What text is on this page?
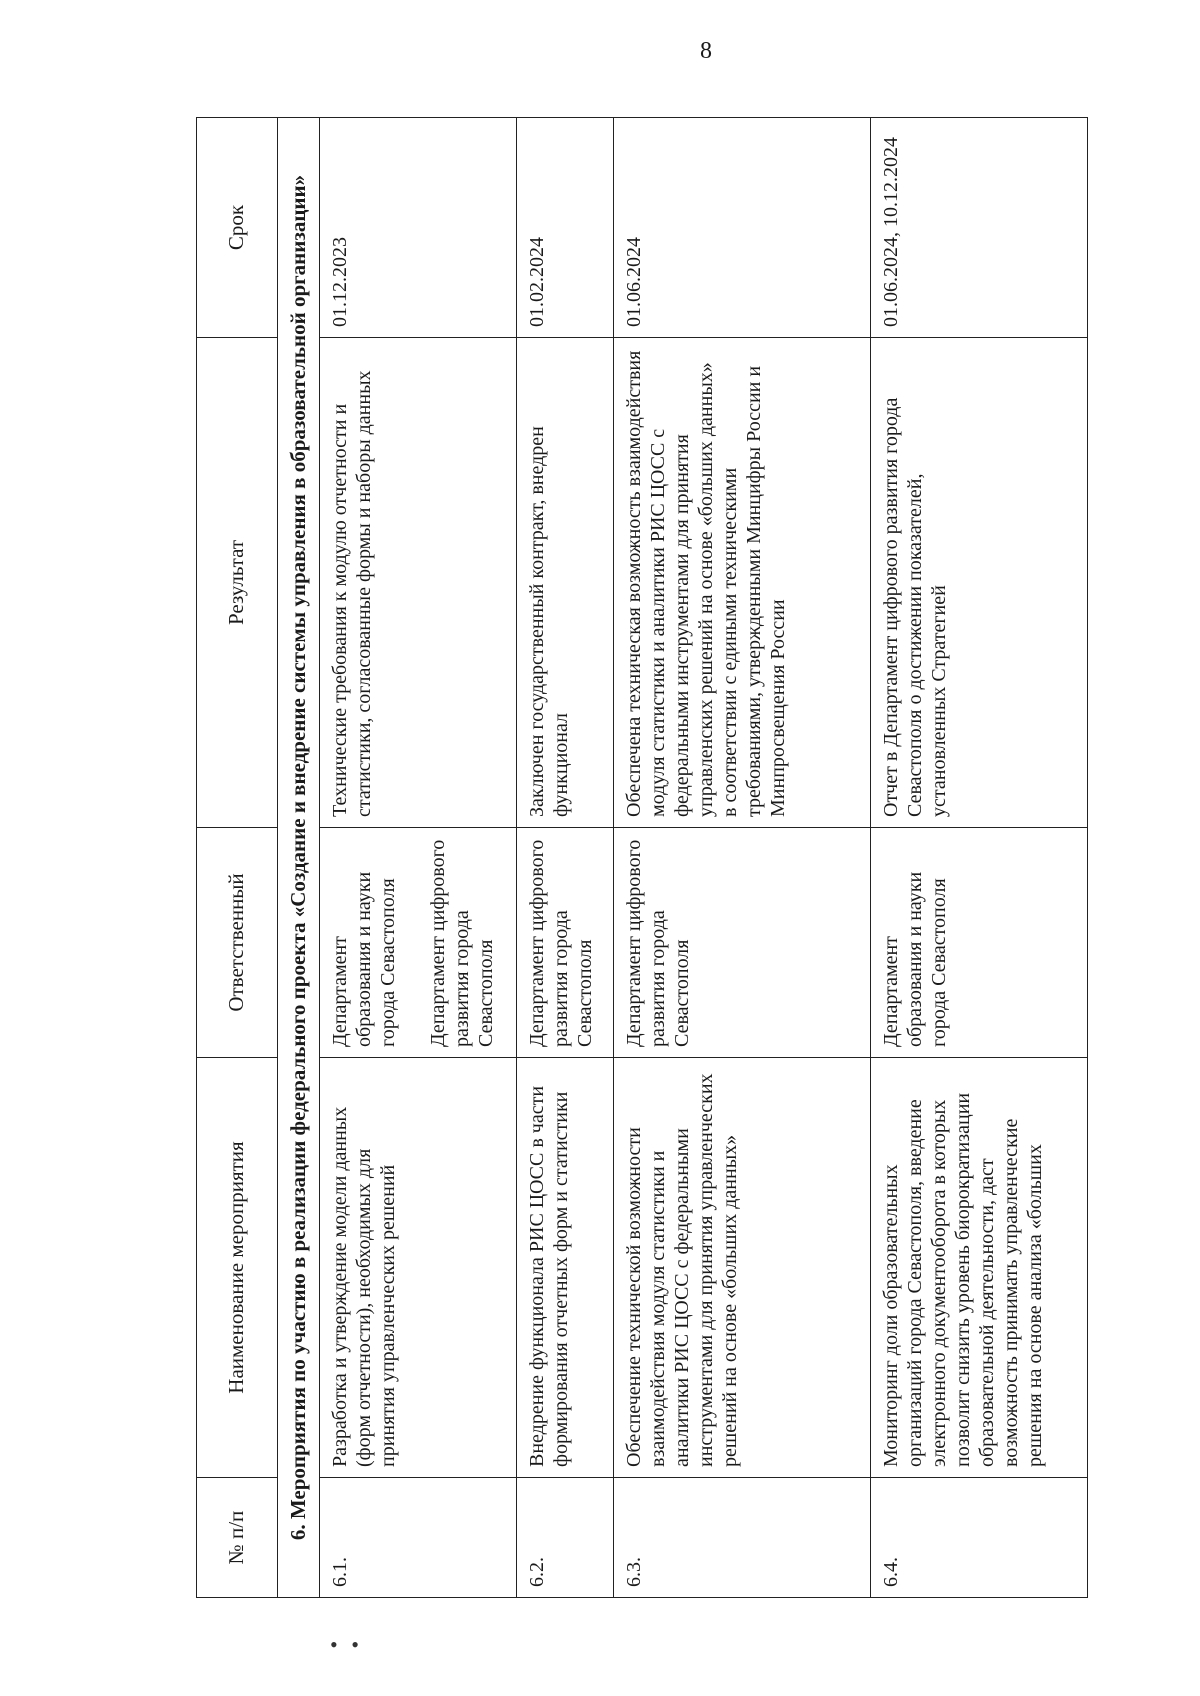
8
№ п/п	Наименование мероприятия	Ответственный	Результат	Срок
6. Мероприятия по участию в реализации федерального проекта «Создание и внедрение системы управления в образовательной организации»				
6.1.	Разработка и утверждение модели данных (форм отчетности), необходимых для принятия управленческих решений	Департамент образования и науки города Севастополя Департамент цифрового развития города Севастополя	Технические требования к модулю отчетности и статистики, согласованные формы и наборы данных	01.12.2023
6.2.	Внедрение функционала РИС ЦОСС в части формирования отчетных форм и статистики	Департамент цифрового развития города Севастополя	Заключен государственный контракт, внедрен функционал	01.02.2024
6.3.	Обеспечение технической возможности взаимодействия модуля статистики и аналитики РИС ЦОСС с федеральными инструментами для принятия управленческих решений на основе «больших данных»	Департамент цифрового развития города Севастополя	Обеспечена техническая возможность взаимодействия модуля статистики и аналитики РИС ЦОСС с федеральными инструментами для принятия управленских решений на основе «больших данных» в соответствии с едиными техническими требованиями, утвержденными Минцифры России и Минпросвещения России	01.06.2024
6.4.	Мониторинг доли образовательных организаций города Севастополя, введение электронного документооборота в которых позволит снизить уровень биорократизации образовательной деятельности, даст возможность принимать управленческие решения на основе анализа «больших	Департамент образования и науки города Севастополя	Отчет в Департамент цифрового развития города Севастополя о достижении показателей, установленных Стратегией	01.06.2024, 10.12.2024
• •
